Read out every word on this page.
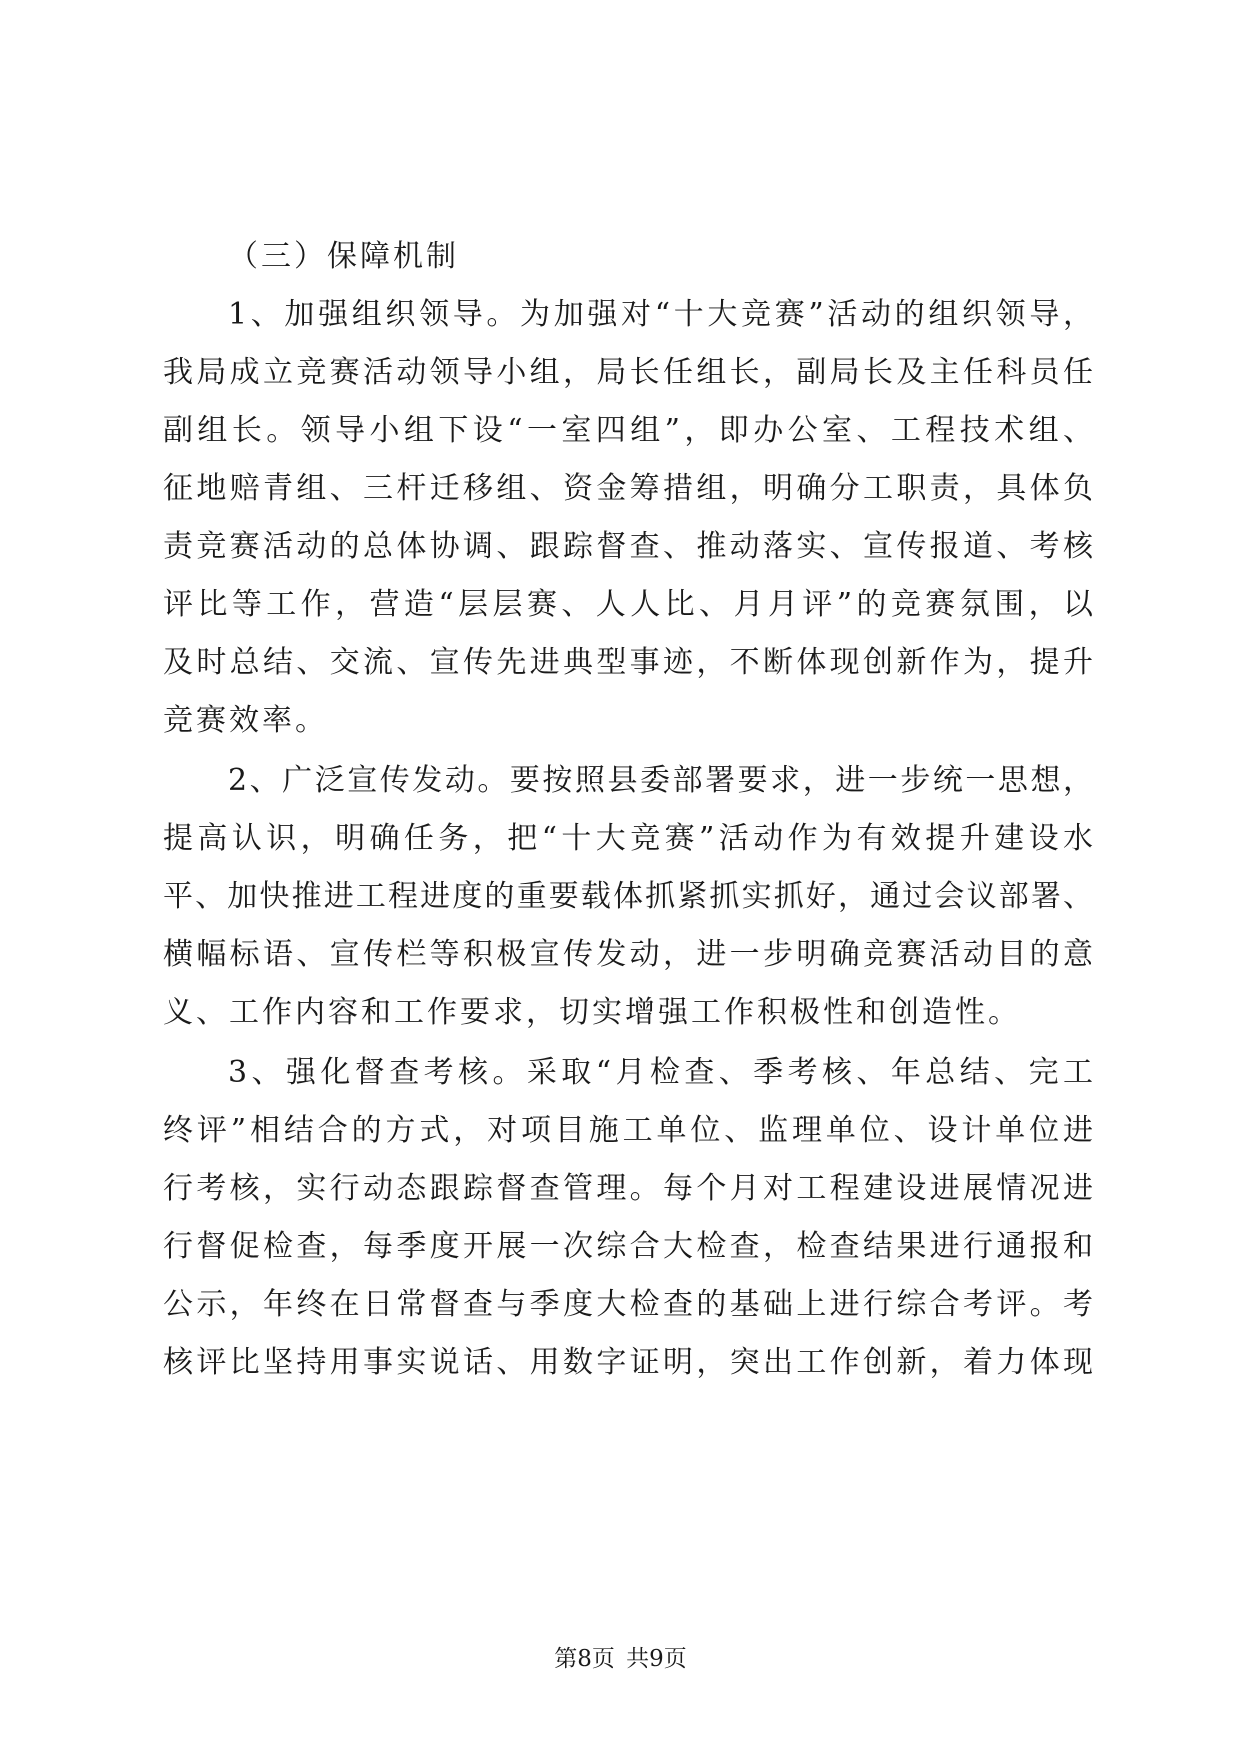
（三）保障机制
1、加强组织领导。为加强对“十大竞赛”活动的组织领导，
我局成立竞赛活动领导小组，局长任组长，副局长及主任科员任
副组长。领导小组下设“一室四组”，即办公室、工程技术组、
征地赔青组、三杆迁移组、资金筹措组，明确分工职责，具体负
责竞赛活动的总体协调、跟踪督查、推动落实、宣传报道、考核
评比等工作，营造“层层赛、人人比、月月评”的竞赛氛围，以
及时总结、交流、宣传先进典型事迹，不断体现创新作为，提升
竞赛效率。
2、广泛宣传发动。要按照县委部署要求，进一步统一思想，
提高认识，明确任务，把“十大竞赛”活动作为有效提升建设水
平、加快推进工程进度的重要载体抓紧抓实抓好，通过会议部署、
横幅标语、宣传栏等积极宣传发动，进一步明确竞赛活动目的意
义、工作内容和工作要求，切实增强工作积极性和创造性。
3、强化督查考核。采取“月检查、季考核、年总结、完工
终评”相结合的方式，对项目施工单位、监理单位、设计单位进
行考核，实行动态跟踪督查管理。每个月对工程建设进展情况进
行督促检查，每季度开展一次综合大检查，检查结果进行通报和
公示，年终在日常督查与季度大检查的基础上进行综合考评。考
核评比坚持用事实说话、用数字证明，突出工作创新，着力体现
第8页 共9页
